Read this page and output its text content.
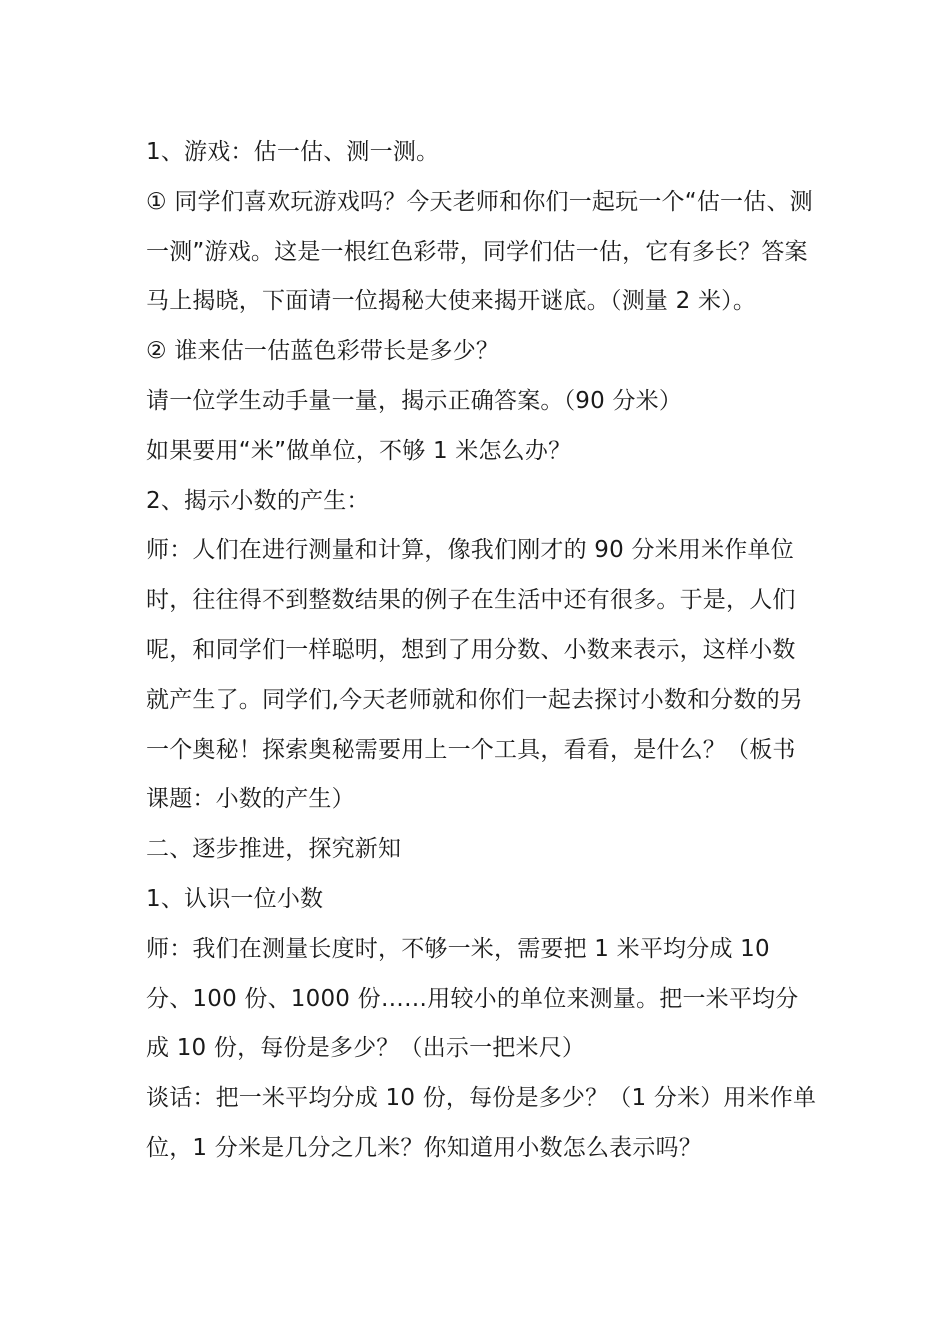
1、游戏：估一估、测一测。

① 同学们喜欢玩游戏吗？今天老师和你们一起玩一个“估一估、测一测”游戏。这是一根红色彩带，同学们估一估，它有多长？答案马上揭晓，下面请一位揭秘大使来揭开谜底。（测量 2 米）。

② 谁来估一估蓝色彩带长是多少？

请一位学生动手量一量，揭示正确答案。（90 分米）

如果要用“米”做单位，不够 1 米怎么办？

2、揭示小数的产生：

师：人们在进行测量和计算，像我们刚才的 90 分米用米作单位时，往往得不到整数结果的例子在生活中还有很多。于是，人们呢，和同学们一样聪明，想到了用分数、小数来表示，这样小数就产生了。同学们,今天老师就和你们一起去探讨小数和分数的另一个奥秘！探索奥秘需要用上一个工具，看看，是什么？（板书课题：小数的产生）

二、逐步推进，探究新知

1、认识一位小数

师：我们在测量长度时，不够一米，需要把 1 米平均分成 10 分、100 份、1000 份……用较小的单位来测量。把一米平均分成 10 份，每份是多少？（出示一把米尺）

谈话：把一米平均分成 10 份，每份是多少？（1 分米）用米作单位，1 分米是几分之几米？你知道用小数怎么表示吗？
